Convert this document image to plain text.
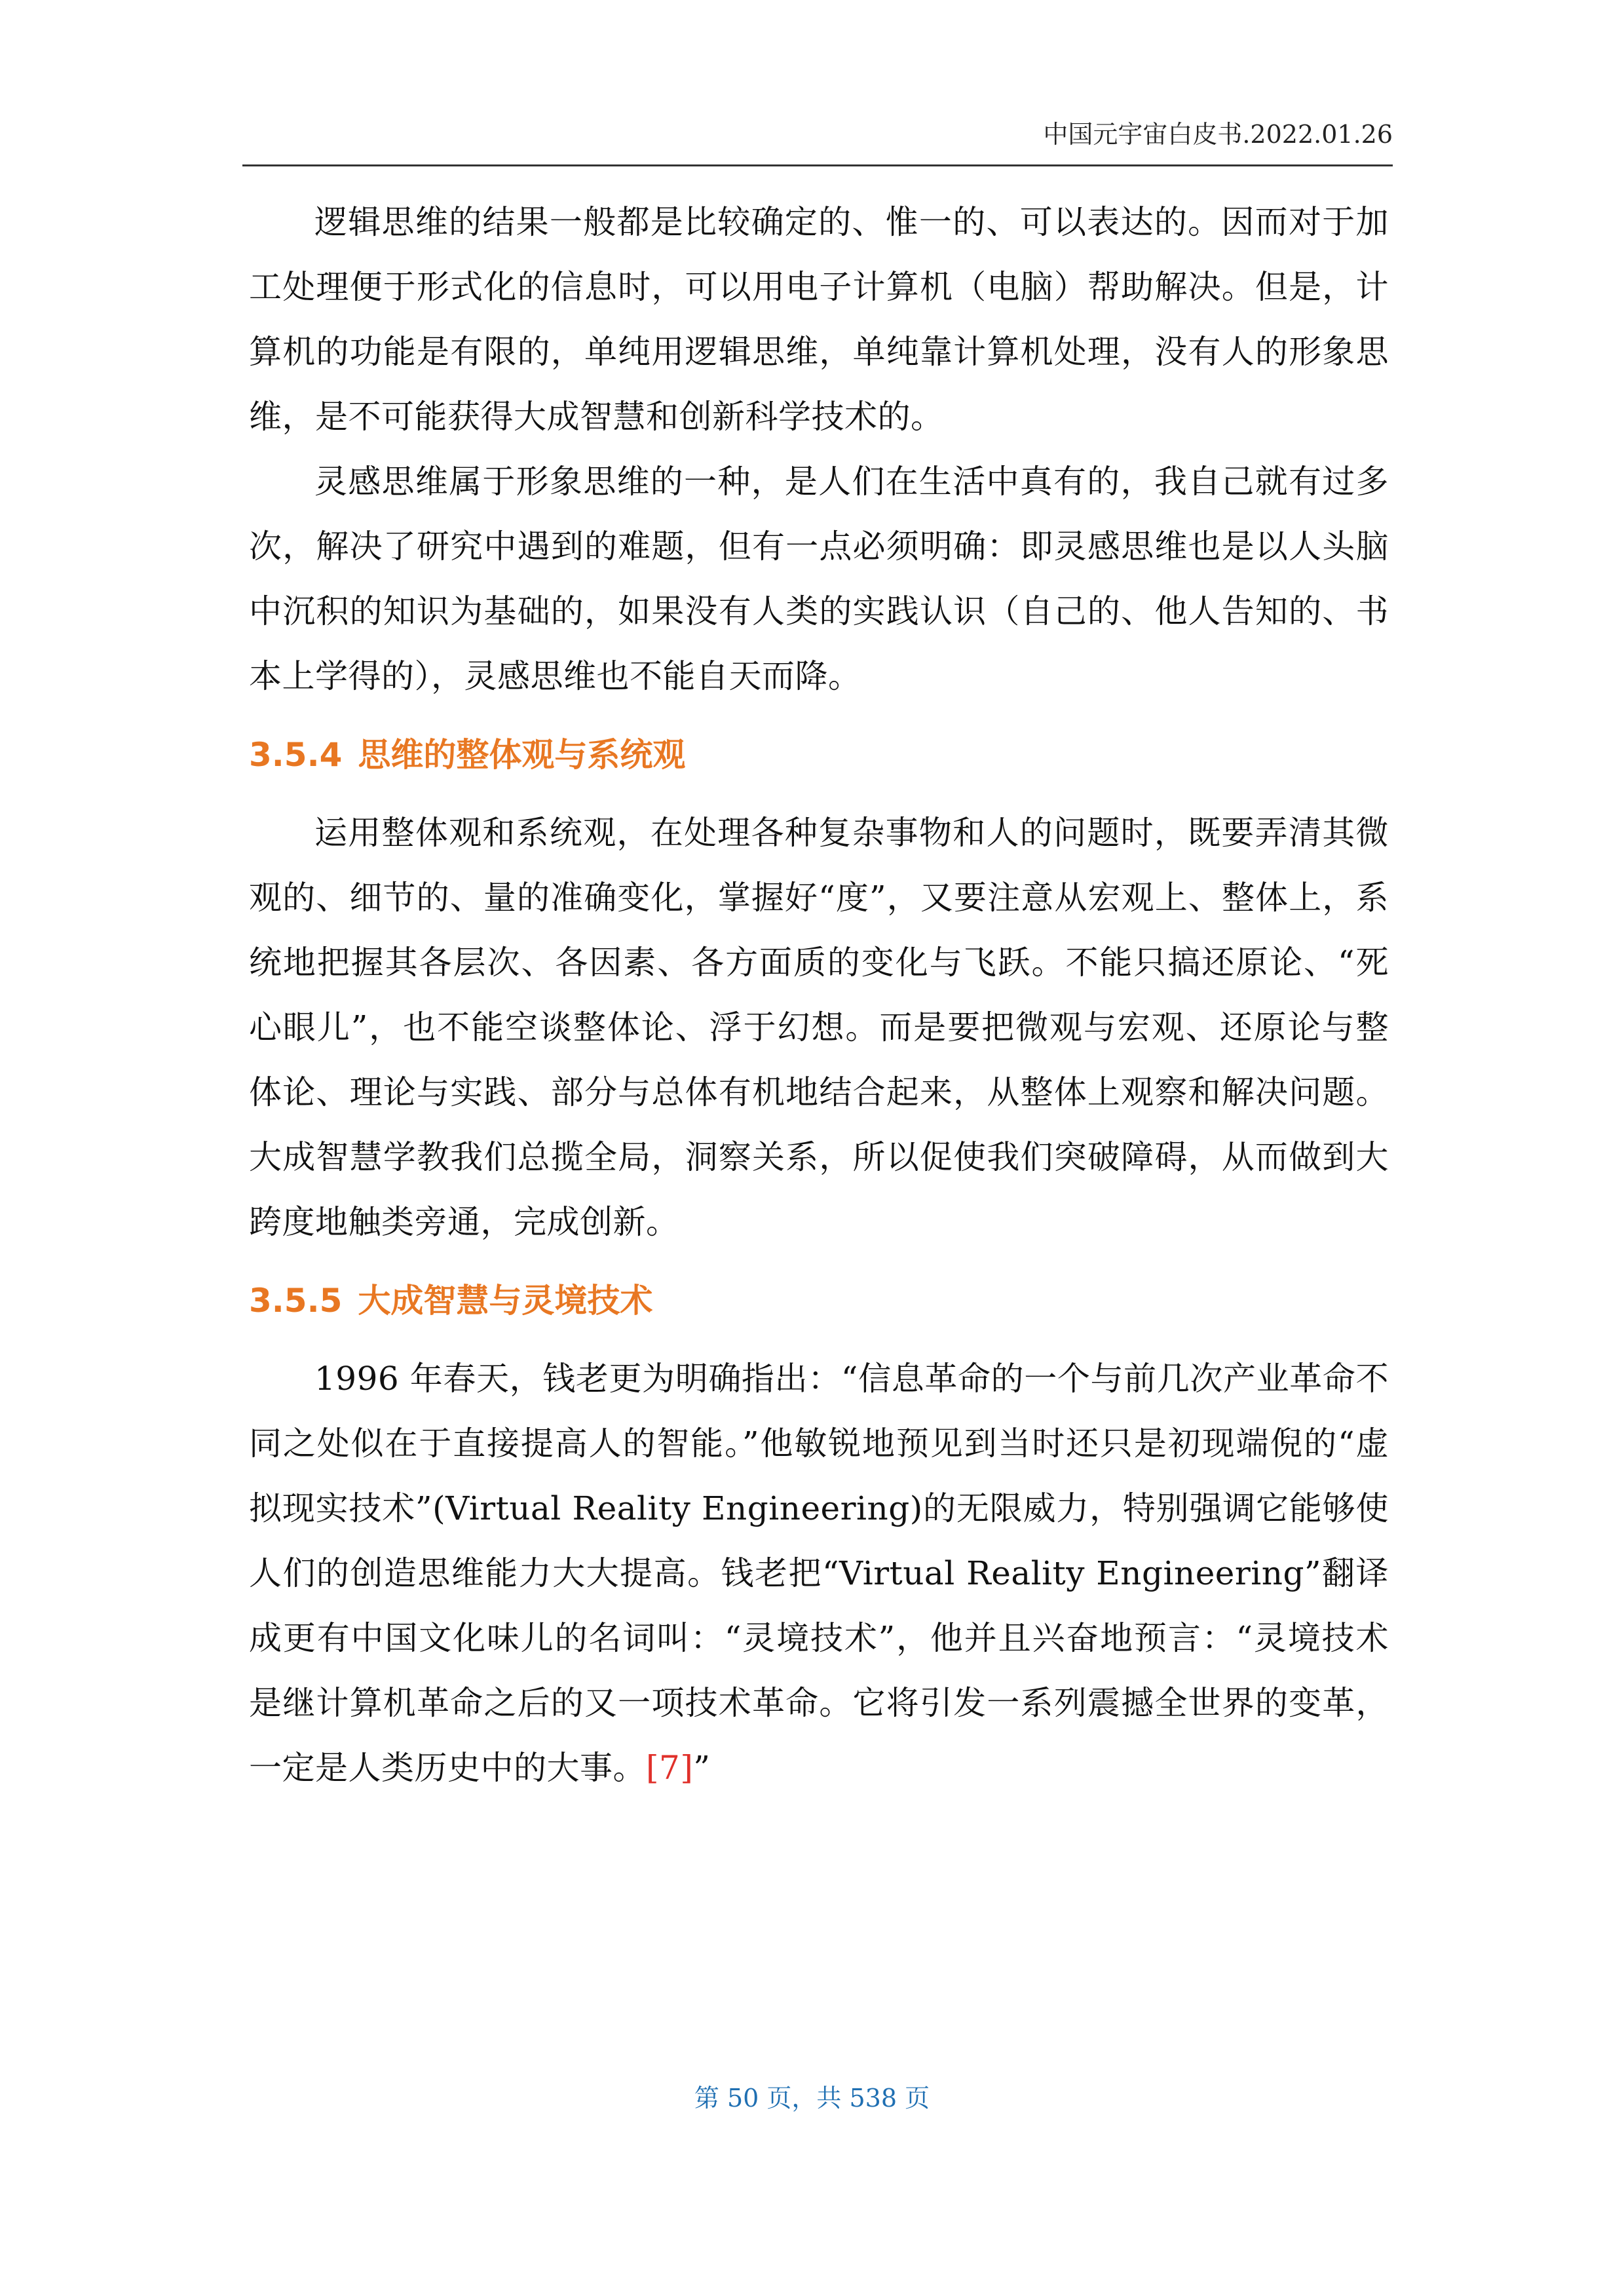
中国元宇宙白皮书.2022.01.26

逻辑思维的结果一般都是比较确定的、惟一的、可以表达的。因而对于加工处理便于形式化的信息时，可以用电子计算机（电脑）帮助解决。但是，计算机的功能是有限的，单纯用逻辑思维，单纯靠计算机处理，没有人的形象思维，是不可能获得大成智慧和创新科学技术的。

灵感思维属于形象思维的一种，是人们在生活中真有的，我自己就有过多次，解决了研究中遇到的难题，但有一点必须明确：即灵感思维也是以人头脑中沉积的知识为基础的，如果没有人类的实践认识（自己的、他人告知的、书本上学得的），灵感思维也不能自天而降。

3.5.4 思维的整体观与系统观

运用整体观和系统观，在处理各种复杂事物和人的问题时，既要弄清其微观的、细节的、量的准确变化，掌握好“度”，又要注意从宏观上、整体上，系统地把握其各层次、各因素、各方面质的变化与飞跃。不能只搞还原论、“死心眼儿”，也不能空谈整体论、浮于幻想。而是要把微观与宏观、还原论与整体论、理论与实践、部分与总体有机地结合起来，从整体上观察和解决问题。大成智慧学教我们总揽全局，洞察关系，所以促使我们突破障碍，从而做到大跨度地触类旁通，完成创新。

3.5.5 大成智慧与灵境技术

1996 年春天，钱老更为明确指出：“信息革命的一个与前几次产业革命不同之处似在于直接提高人的智能。”他敏锐地预见到当时还只是初现端倪的“虚拟现实技术”(Virtual Reality Engineering)的无限威力，特别强调它能够使人们的创造思维能力大大提高。钱老把“Virtual Reality Engineering”翻译成更有中国文化味儿的名词叫：“灵境技术”，他并且兴奋地预言：“灵境技术是继计算机革命之后的又一项技术革命。它将引发一系列震撼全世界的变革，一定是人类历史中的大事。[7]”

第 50 页，共 538 页
